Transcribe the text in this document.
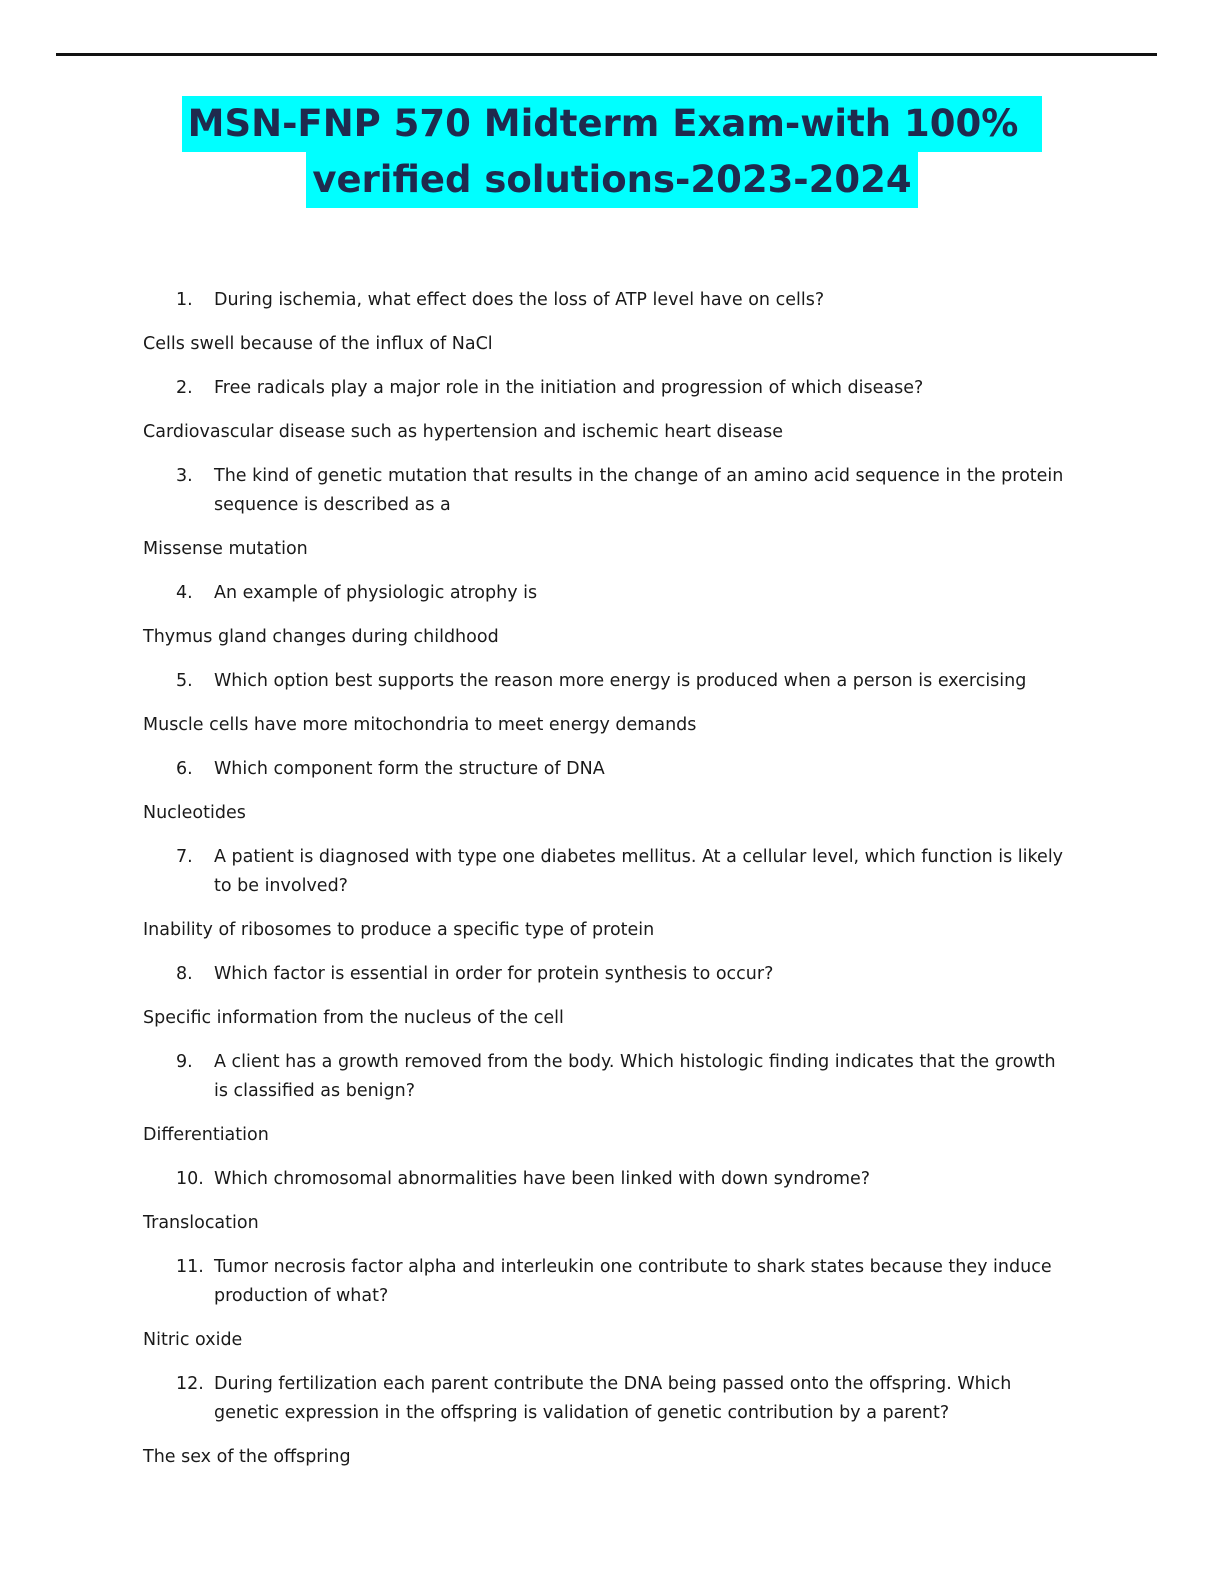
MSN-FNP 570 Midterm Exam-with 100%
verified solutions-2023-2024
1.	During ischemia, what effect does the loss of ATP level have on cells?
Cells swell because of the influx of NaCl
2.	Free radicals play a major role in the initiation and progression of which disease?
Cardiovascular disease such as hypertension and ischemic heart disease
3.	The kind of genetic mutation that results in the change of an amino acid sequence in the protein sequence is described as a
Missense mutation
4.	An example of physiologic atrophy is
Thymus gland changes during childhood
5.	Which option best supports the reason more energy is produced when a person is exercising
Muscle cells have more mitochondria to meet energy demands
6.	Which component form the structure of DNA
Nucleotides
7.	A patient is diagnosed with type one diabetes mellitus. At a cellular level, which function is likely to be involved?
Inability of ribosomes to produce a specific type of protein
8.	Which factor is essential in order for protein synthesis to occur?
Specific information from the nucleus of the cell
9.	A client has a growth removed from the body. Which histologic finding indicates that the growth is classified as benign?
Differentiation
10. Which chromosomal abnormalities have been linked with down syndrome?
Translocation
11. Tumor necrosis factor alpha and interleukin one contribute to shark states because they induce production of what?
Nitric oxide
12. During fertilization each parent contribute the DNA being passed onto the offspring. Which genetic expression in the offspring is validation of genetic contribution by a parent?
The sex of the offspring
